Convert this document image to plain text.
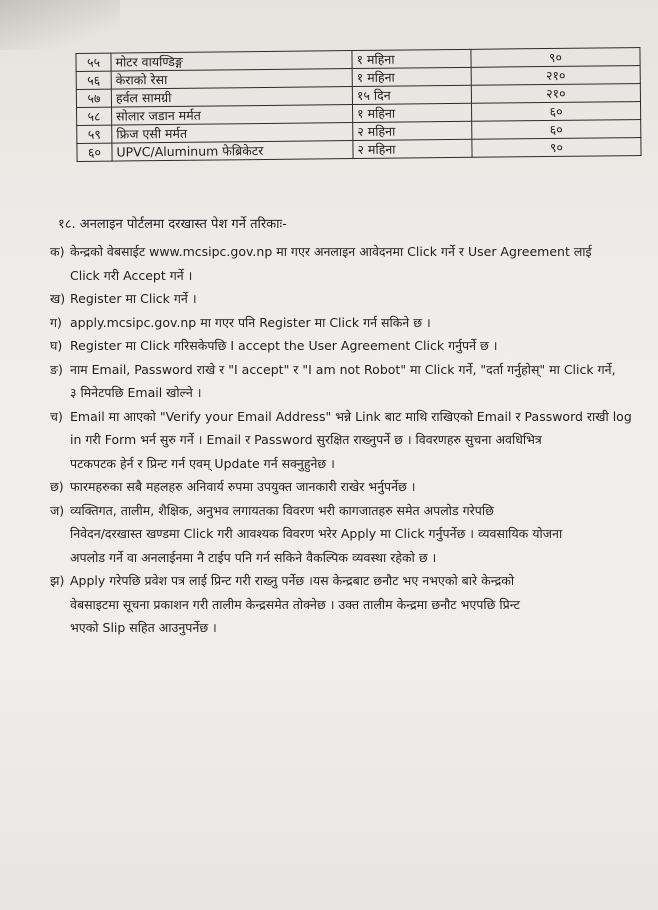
५५	मोटर वायण्डिङ्ग	१ महिना	९०
५६	केराको रेसा	१ महिना	२१०
५७	हर्वल सामग्री	१५ दिन	२१०
५८	सोलार जडान मर्मत	१ महिना	६०
५९	फ्रिज एसी मर्मत	२ महिना	६०
६०	UPVC/Aluminum फेब्रिकेटर	२ महिना	९०
१८. अनलाइन पोर्टलमा दरखास्त पेश गर्ने तरिकाः-
क) केन्द्रको वेबसाईट www.mcsipc.gov.np मा गएर अनलाइन आवेदनमा Click गर्ने र User Agreement लाई
Click गरी Accept गर्ने ।
ख) Register मा Click गर्ने ।
ग) apply.mcsipc.gov.np मा गएर पनि Register मा Click गर्न सकिने छ ।
घ) Register मा Click गरिसकेपछि I accept the User Agreement Click गर्नुपर्ने छ ।
ङ) नाम Email, Password राखे र "I accept" र "I am not Robot" मा Click गर्ने, "दर्ता गर्नुहोस्" मा Click गर्ने,
३ मिनेटपछि Email खोल्ने ।
च) Email मा आएको "Verify your Email Address" भन्ने Link बाट माथि राखिएको Email र Password राखी log
in गरी Form भर्न सुरु गर्ने । Email र Password सुरक्षित राख्नुपर्ने छ । विवरणहरु सुचना अवधिभित्र
पटकपटक हेर्न र प्रिन्ट गर्न एवम् Update गर्न सक्नुहुनेछ ।
छ) फारमहरुका सबै महलहरु अनिवार्य रुपमा उपयुक्त जानकारी राखेर भर्नुपर्नेछ ।
ज) व्यक्तिगत, तालीम, शैक्षिक, अनुभव लगायतका विवरण भरी कागजातहरु समेत अपलोड गरेपछि
निवेदन/दरखास्त खण्डमा Click गरी आवश्यक विवरण भरेर Apply मा Click गर्नुपर्नेछ । व्यवसायिक योजना
अपलोड गर्ने वा अनलाईनमा नै टाईप पनि गर्न सकिने वैकल्पिक व्यवस्था रहेको छ ।
झ) Apply गरेपछि प्रवेश पत्र लाई प्रिन्ट गरी राख्नु पर्नेछ ।यस केन्द्रबाट छनौट भए नभएको बारे केन्द्रको
वेबसाइटमा सूचना प्रकाशन गरी तालीम केन्द्रसमेत तोक्नेछ । उक्त तालीम केन्द्रमा छनौट भएपछि प्रिन्ट
भएको Slip सहित आउनुपर्नेछ ।
